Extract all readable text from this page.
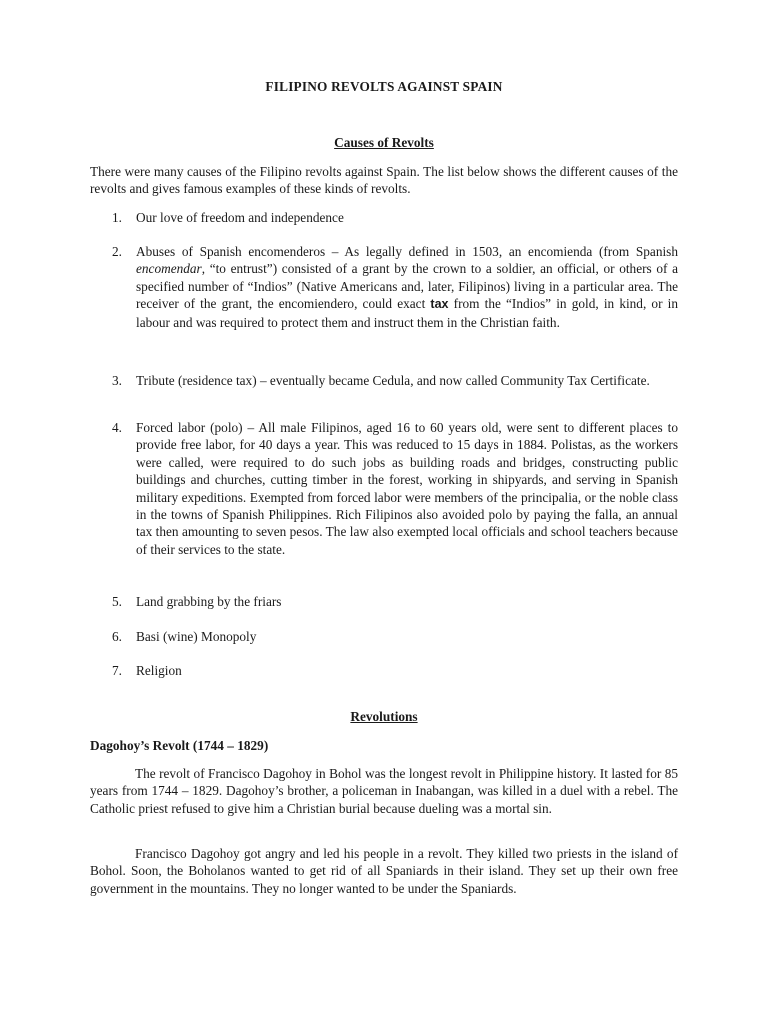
FILIPINO REVOLTS AGAINST SPAIN
Causes of Revolts

There were many causes of the Filipino revolts against Spain. The list below shows the different causes of the revolts and gives famous examples of these kinds of revolts.

1.	Our love of freedom and independence
2.	Abuses of Spanish encomenderos – As legally defined in 1503, an encomienda (from Spanish encomendar, “to entrust”) consisted of a grant by the crown to a soldier, an official, or others of a specified number of “Indios” (Native Americans and, later, Filipinos) living in a particular area. The receiver of the grant, the encomiendero, could exact tax from the “Indios” in gold, in kind, or in labour and was required to protect them and instruct them in the Christian faith.
3.	Tribute (residence tax) – eventually became Cedula, and now called Community Tax Certificate.
4.	Forced labor (polo) – All male Filipinos, aged 16 to 60 years old, were sent to different places to provide free labor, for 40 days a year. This was reduced to 15 days in 1884. Polistas, as the workers were called, were required to do such jobs as building roads and bridges, constructing public buildings and churches, cutting timber in the forest, working in shipyards, and serving in Spanish military expeditions. Exempted from forced labor were members of the principalia, or the noble class in the towns of Spanish Philippines. Rich Filipinos also avoided polo by paying the falla, an annual tax then amounting to seven pesos. The law also exempted local officials and school teachers because of their services to the state.
5.	Land grabbing by the friars
6.	Basi (wine) Monopoly
7.	Religion
Revolutions
Dagohoy’s Revolt (1744 – 1829)

The revolt of Francisco Dagohoy in Bohol was the longest revolt in Philippine history. It lasted for 85 years from 1744 – 1829. Dagohoy’s brother, a policeman in Inabangan, was killed in a duel with a rebel. The Catholic priest refused to give him a Christian burial because dueling was a mortal sin.

Francisco Dagohoy got angry and led his people in a revolt. They killed two priests in the island of Bohol. Soon, the Boholanos wanted to get rid of all Spaniards in their island. They set up their own free government in the mountains. They no longer wanted to be under the Spaniards.
